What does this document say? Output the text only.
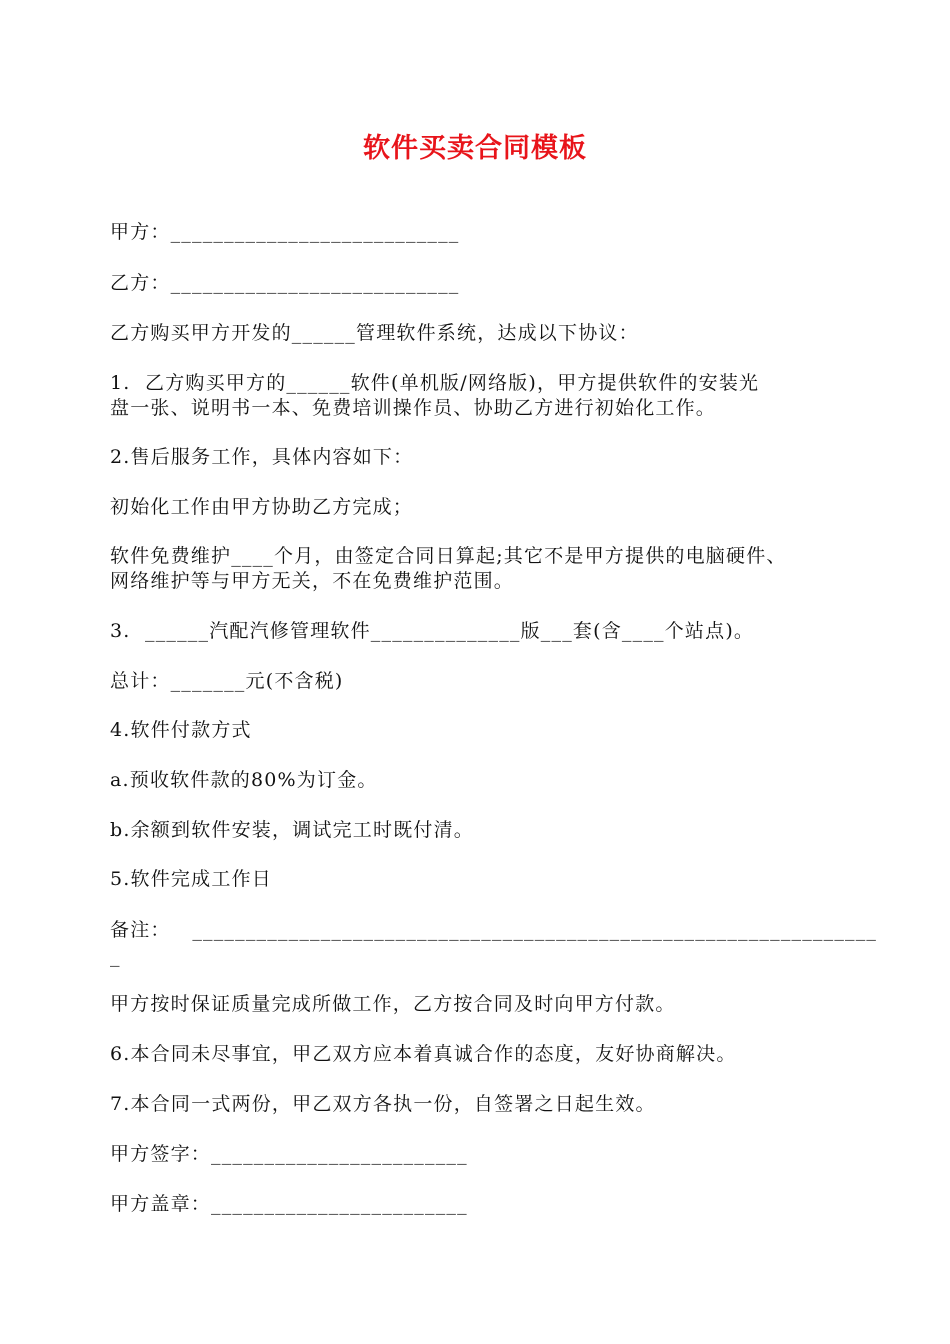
软件买卖合同模板
甲方：___________________________
乙方：___________________________
乙方购买甲方开发的______管理软件系统，达成以下协议：
1.  乙方购买甲方的______软件(单机版/网络版)，甲方提供软件的安装光
盘一张、说明书一本、免费培训操作员、协助乙方进行初始化工作。
2.售后服务工作，具体内容如下：
初始化工作由甲方协助乙方完成；
软件免费维护____个月，由签定合同日算起;其它不是甲方提供的电脑硬件、
网络维护等与甲方无关，不在免费维护范围。
3.  ______汽配汽修管理软件______________版___套(含____个站点)。
总计：_______元(不含税)
4.软件付款方式
a.预收软件款的80%为订金。
b.余额到软件安装，调试完工时既付清。
5.软件完成工作日
备注：   ________________________________________________________________
_
甲方按时保证质量完成所做工作，乙方按合同及时向甲方付款。
6.本合同未尽事宜，甲乙双方应本着真诚合作的态度，友好协商解决。
7.本合同一式两份，甲乙双方各执一份，自签署之日起生效。
甲方签字：________________________
甲方盖章：________________________
